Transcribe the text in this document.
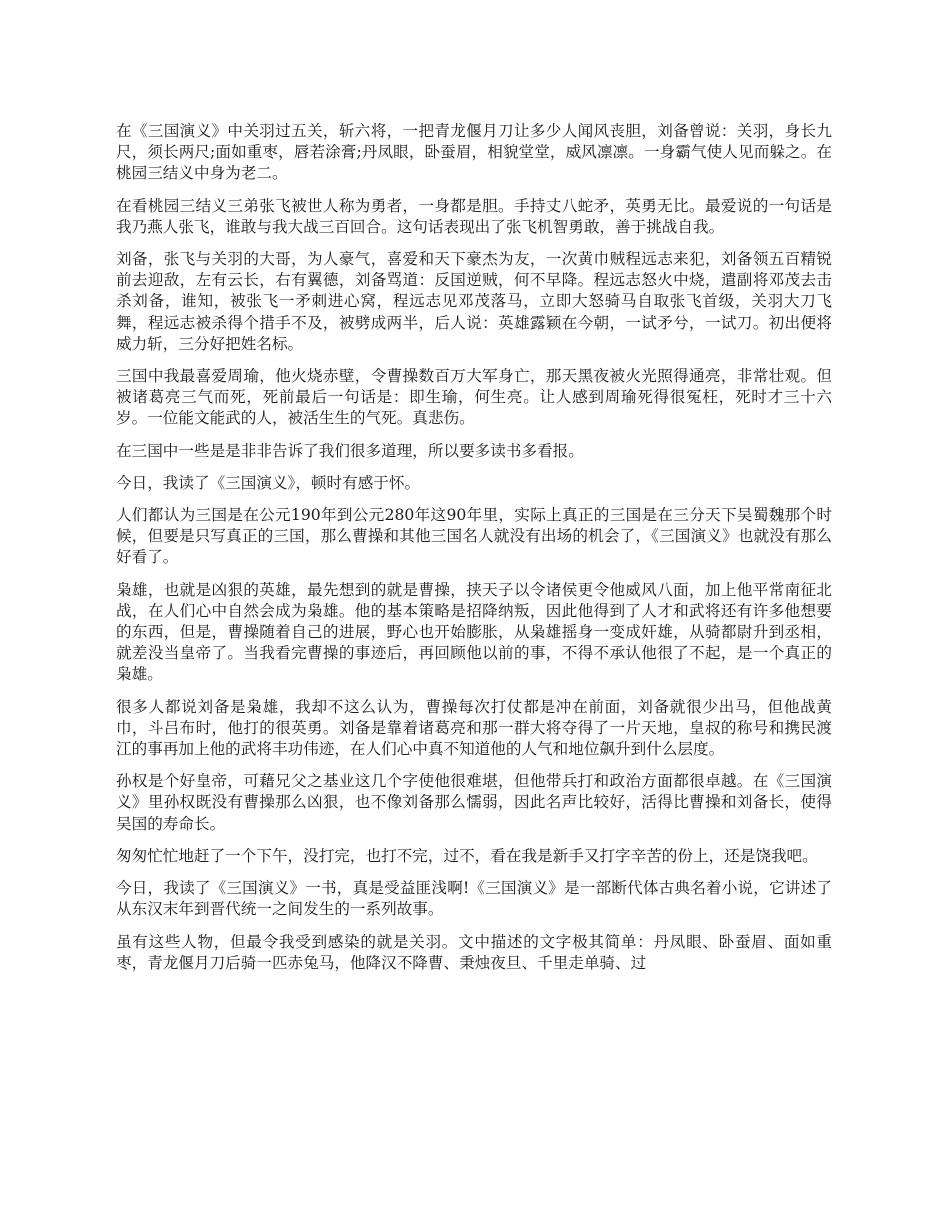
在《三国演义》中关羽过五关，斩六将，一把青龙偃月刀让多少人闻风丧胆，刘备曾说：关羽，身长九尺，须长两尺;面如重枣，唇若涂膏;丹凤眼，卧蚕眉，相貌堂堂，威风凛凛。一身霸气使人见而躲之。在桃园三结义中身为老二。

在看桃园三结义三弟张飞被世人称为勇者，一身都是胆。手持丈八蛇矛，英勇无比。最爱说的一句话是我乃燕人张飞，谁敢与我大战三百回合。这句话表现出了张飞机智勇敢，善于挑战自我。

刘备，张飞与关羽的大哥，为人豪气，喜爱和天下豪杰为友，一次黄巾贼程远志来犯，刘备领五百精锐前去迎敌，左有云长，右有翼德，刘备骂道：反国逆贼，何不早降。程远志怒火中烧，遣副将邓茂去击杀刘备，谁知，被张飞一矛刺进心窝，程远志见邓茂落马，立即大怒骑马自取张飞首级，关羽大刀飞舞，程远志被杀得个措手不及，被劈成两半，后人说：英雄露颖在今朝，一试矛兮，一试刀。初出便将威力斩，三分好把姓名标。

三国中我最喜爱周瑜，他火烧赤壁，令曹操数百万大军身亡，那天黑夜被火光照得通亮，非常壮观。但被诸葛亮三气而死，死前最后一句话是：即生瑜，何生亮。让人感到周瑜死得很冤枉，死时才三十六岁。一位能文能武的人，被活生生的气死。真悲伤。

在三国中一些是是非非告诉了我们很多道理，所以要多读书多看报。

今日，我读了《三国演义》，顿时有感于怀。

人们都认为三国是在公元190年到公元280年这90年里，实际上真正的三国是在三分天下吴蜀魏那个时候，但要是只写真正的三国，那么曹操和其他三国名人就没有出场的机会了，《三国演义》也就没有那么好看了。

枭雄，也就是凶狠的英雄，最先想到的就是曹操，挟天子以令诸侯更令他威风八面，加上他平常南征北战，在人们心中自然会成为枭雄。他的基本策略是招降纳叛，因此他得到了人才和武将还有许多他想要的东西，但是，曹操随着自己的进展，野心也开始膨胀，从枭雄摇身一变成奸雄，从骑都尉升到丞相，就差没当皇帝了。当我看完曹操的事迹后，再回顾他以前的事，不得不承认他很了不起，是一个真正的枭雄。

很多人都说刘备是枭雄，我却不这么认为，曹操每次打仗都是冲在前面，刘备就很少出马，但他战黄巾，斗吕布时，他打的很英勇。刘备是靠着诸葛亮和那一群大将夺得了一片天地，皇叔的称号和携民渡江的事再加上他的武将丰功伟迹，在人们心中真不知道他的人气和地位飙升到什么层度。

孙权是个好皇帝，可藉兄父之基业这几个字使他很难堪，但他带兵打和政治方面都很卓越。在《三国演义》里孙权既没有曹操那么凶狠，也不像刘备那么懦弱，因此名声比较好，活得比曹操和刘备长，使得吴国的寿命长。

匆匆忙忙地赶了一个下午，没打完，也打不完，过不，看在我是新手又打字辛苦的份上，还是饶我吧。

今日，我读了《三国演义》一书，真是受益匪浅啊!《三国演义》是一部断代体古典名着小说，它讲述了从东汉末年到晋代统一之间发生的一系列故事。

虽有这些人物，但最令我受到感染的就是关羽。文中描述的文字极其简单：丹凤眼、卧蚕眉、面如重枣，青龙偃月刀后骑一匹赤兔马，他降汉不降曹、秉烛夜旦、千里走单骑、过
